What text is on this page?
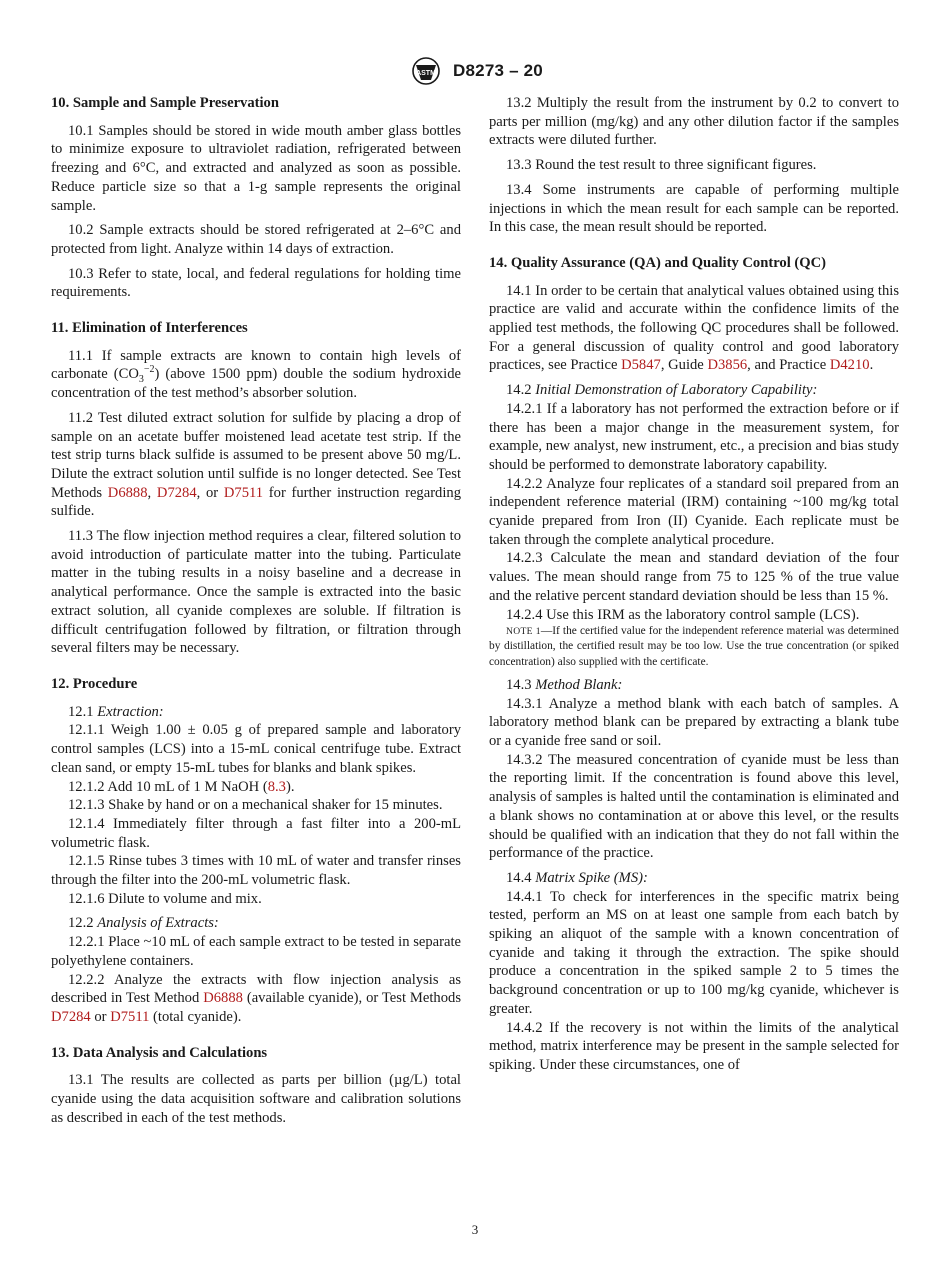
ASTM D8273 – 20
10. Sample and Sample Preservation

10.1 Samples should be stored in wide mouth amber glass bottles to minimize exposure to ultraviolet radiation, refrigerated between freezing and 6°C, and extracted and analyzed as soon as possible. Reduce particle size so that a 1-g sample represents the original sample.

10.2 Sample extracts should be stored refrigerated at 2–6°C and protected from light. Analyze within 14 days of extraction.

10.3 Refer to state, local, and federal regulations for holding time requirements.

11. Elimination of Interferences

11.1 If sample extracts are known to contain high levels of carbonate $(CO_3^{-2})$ (above 1500 ppm) double the sodium hydroxide concentration of the test method’s absorber solution.

11.2 Test diluted extract solution for sulfide by placing a drop of sample on an acetate buffer moistened lead acetate test strip. If the test strip turns black sulfide is assumed to be present above 50 mg/L. Dilute the extract solution until sulfide is no longer detected. See Test Methods D6888, D7284, or D7511 for further instruction regarding sulfide.

11.3 The flow injection method requires a clear, filtered solution to avoid introduction of particulate matter into the tubing. Particulate matter in the tubing results in a noisy baseline and a decrease in analytical performance. Once the sample is extracted into the basic extract solution, all cyanide complexes are soluble. If filtration is difficult centrifugation followed by filtration, or filtration through several filters may be necessary.

12. Procedure

12.1 Extraction:

12.1.1 Weigh 1.00 ± 0.05 g of prepared sample and laboratory control samples (LCS) into a 15-mL conical centrifuge tube. Extract clean sand, or empty 15-mL tubes for blanks and blank spikes.

12.1.2 Add 10 mL of 1 M NaOH (8.3).

12.1.3 Shake by hand or on a mechanical shaker for 15 minutes.

12.1.4 Immediately filter through a fast filter into a 200-mL volumetric flask.

12.1.5 Rinse tubes 3 times with 10 mL of water and transfer rinses through the filter into the 200-mL volumetric flask.

12.1.6 Dilute to volume and mix.

12.2 Analysis of Extracts:

12.2.1 Place ~10 mL of each sample extract to be tested in separate polyethylene containers.

12.2.2 Analyze the extracts with flow injection analysis as described in Test Method D6888 (available cyanide), or Test Methods D7284 or D7511 (total cyanide).

13. Data Analysis and Calculations

13.1 The results are collected as parts per billion (µg/L) total cyanide using the data acquisition software and calibration solutions as described in each of the test methods.

13.2 Multiply the result from the instrument by 0.2 to convert to parts per million (mg/kg) and any other dilution factor if the samples extracts were diluted further.

13.3 Round the test result to three significant figures.

13.4 Some instruments are capable of performing multiple injections in which the mean result for each sample can be reported. In this case, the mean result should be reported.

14. Quality Assurance (QA) and Quality Control (QC)

14.1 In order to be certain that analytical values obtained using this practice are valid and accurate within the confidence limits of the applied test methods, the following QC procedures shall be followed. For a general discussion of quality control and good laboratory practices, see Practice D5847, Guide D3856, and Practice D4210.

14.2 Initial Demonstration of Laboratory Capability:

14.2.1 If a laboratory has not performed the extraction before or if there has been a major change in the measurement system, for example, new analyst, new instrument, etc., a precision and bias study should be performed to demonstrate laboratory capability.

14.2.2 Analyze four replicates of a standard soil prepared from an independent reference material (IRM) containing ~100 mg/kg total cyanide prepared from Iron (II) Cyanide. Each replicate must be taken through the complete analytical procedure.

14.2.3 Calculate the mean and standard deviation of the four values. The mean should range from 75 to 125 % of the true value and the relative percent standard deviation should be less than 15 %.

14.2.4 Use this IRM as the laboratory control sample (LCS).

NOTE 1—If the certified value for the independent reference material was determined by distillation, the certified result may be too low. Use the true concentration (or spiked concentration) also supplied with the certificate.

14.3 Method Blank:

14.3.1 Analyze a method blank with each batch of samples. A laboratory method blank can be prepared by extracting a blank tube or a cyanide free sand or soil.

14.3.2 The measured concentration of cyanide must be less than the reporting limit. If the concentration is found above this level, analysis of samples is halted until the contamination is eliminated and a blank shows no contamination at or above this level, or the results should be qualified with an indication that they do not fall within the performance of the practice.

14.4 Matrix Spike (MS):

14.4.1 To check for interferences in the specific matrix being tested, perform an MS on at least one sample from each batch by spiking an aliquot of the sample with a known concentration of cyanide and taking it through the extraction. The spike should produce a concentration in the spiked sample 2 to 5 times the background concentration or up to 100 mg/kg cyanide, whichever is greater.

14.4.2 If the recovery is not within the limits of the analytical method, matrix interference may be present in the sample selected for spiking. Under these circumstances, one of

3
